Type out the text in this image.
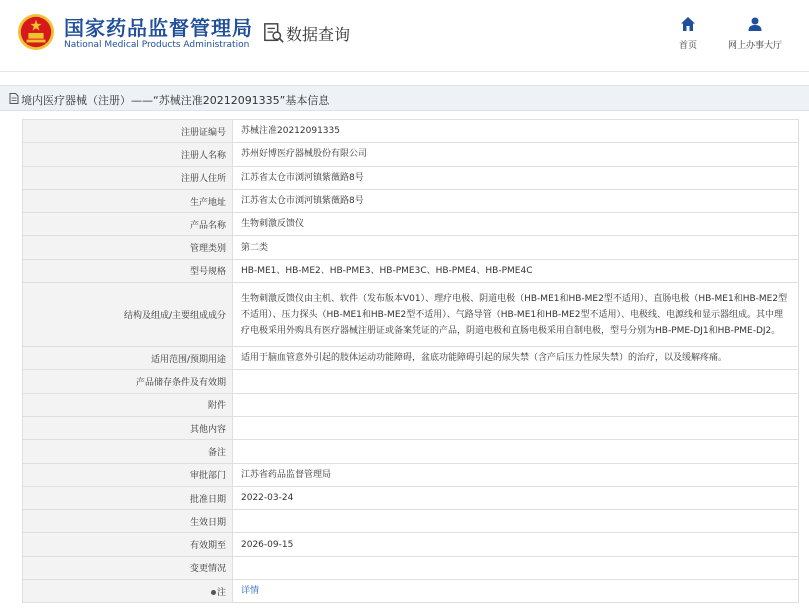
国家药品监督管理局
National Medical Products Administration
数据查询
首页	网上办事大厅
境内医疗器械（注册）——“苏械注准20212091335”基本信息
注册证编号	苏械注准20212091335
注册人名称	苏州好博医疗器械股份有限公司
注册人住所	江苏省太仓市浏河镇紫薇路8号
生产地址	江苏省太仓市浏河镇紫薇路8号
产品名称	生物刺激反馈仪
管理类别	第二类
型号规格	HB-ME1、HB-ME2、HB-PME3、HB-PME3C、HB-PME4、HB-PME4C
结构及组成/主要组成成分	生物刺激反馈仪由主机、软件（发布版本V01）、理疗电极、阴道电极（HB-ME1和HB-ME2型不适用）、直肠电极（HB-ME1和HB-ME2型不适用）、压力探头（HB-ME1和HB-ME2型不适用）、气路导管（HB-ME1和HB-ME2型不适用）、电极线、电源线和显示器组成。其中理疗电极采用外购具有医疗器械注册证或备案凭证的产品，阴道电极和直肠电极采用自制电极，型号分别为HB-PME-DJ1和HB-PME-DJ2。
适用范围/预期用途	适用于脑血管意外引起的肢体运动功能障碍，盆底功能障碍引起的尿失禁（含产后压力性尿失禁）的治疗，以及缓解疼痛。
产品储存条件及有效期	
附件	
其他内容	
备注	
审批部门	江苏省药品监督管理局
批准日期	2022-03-24
生效日期	
有效期至	2026-09-15
变更情况	
注	详情
